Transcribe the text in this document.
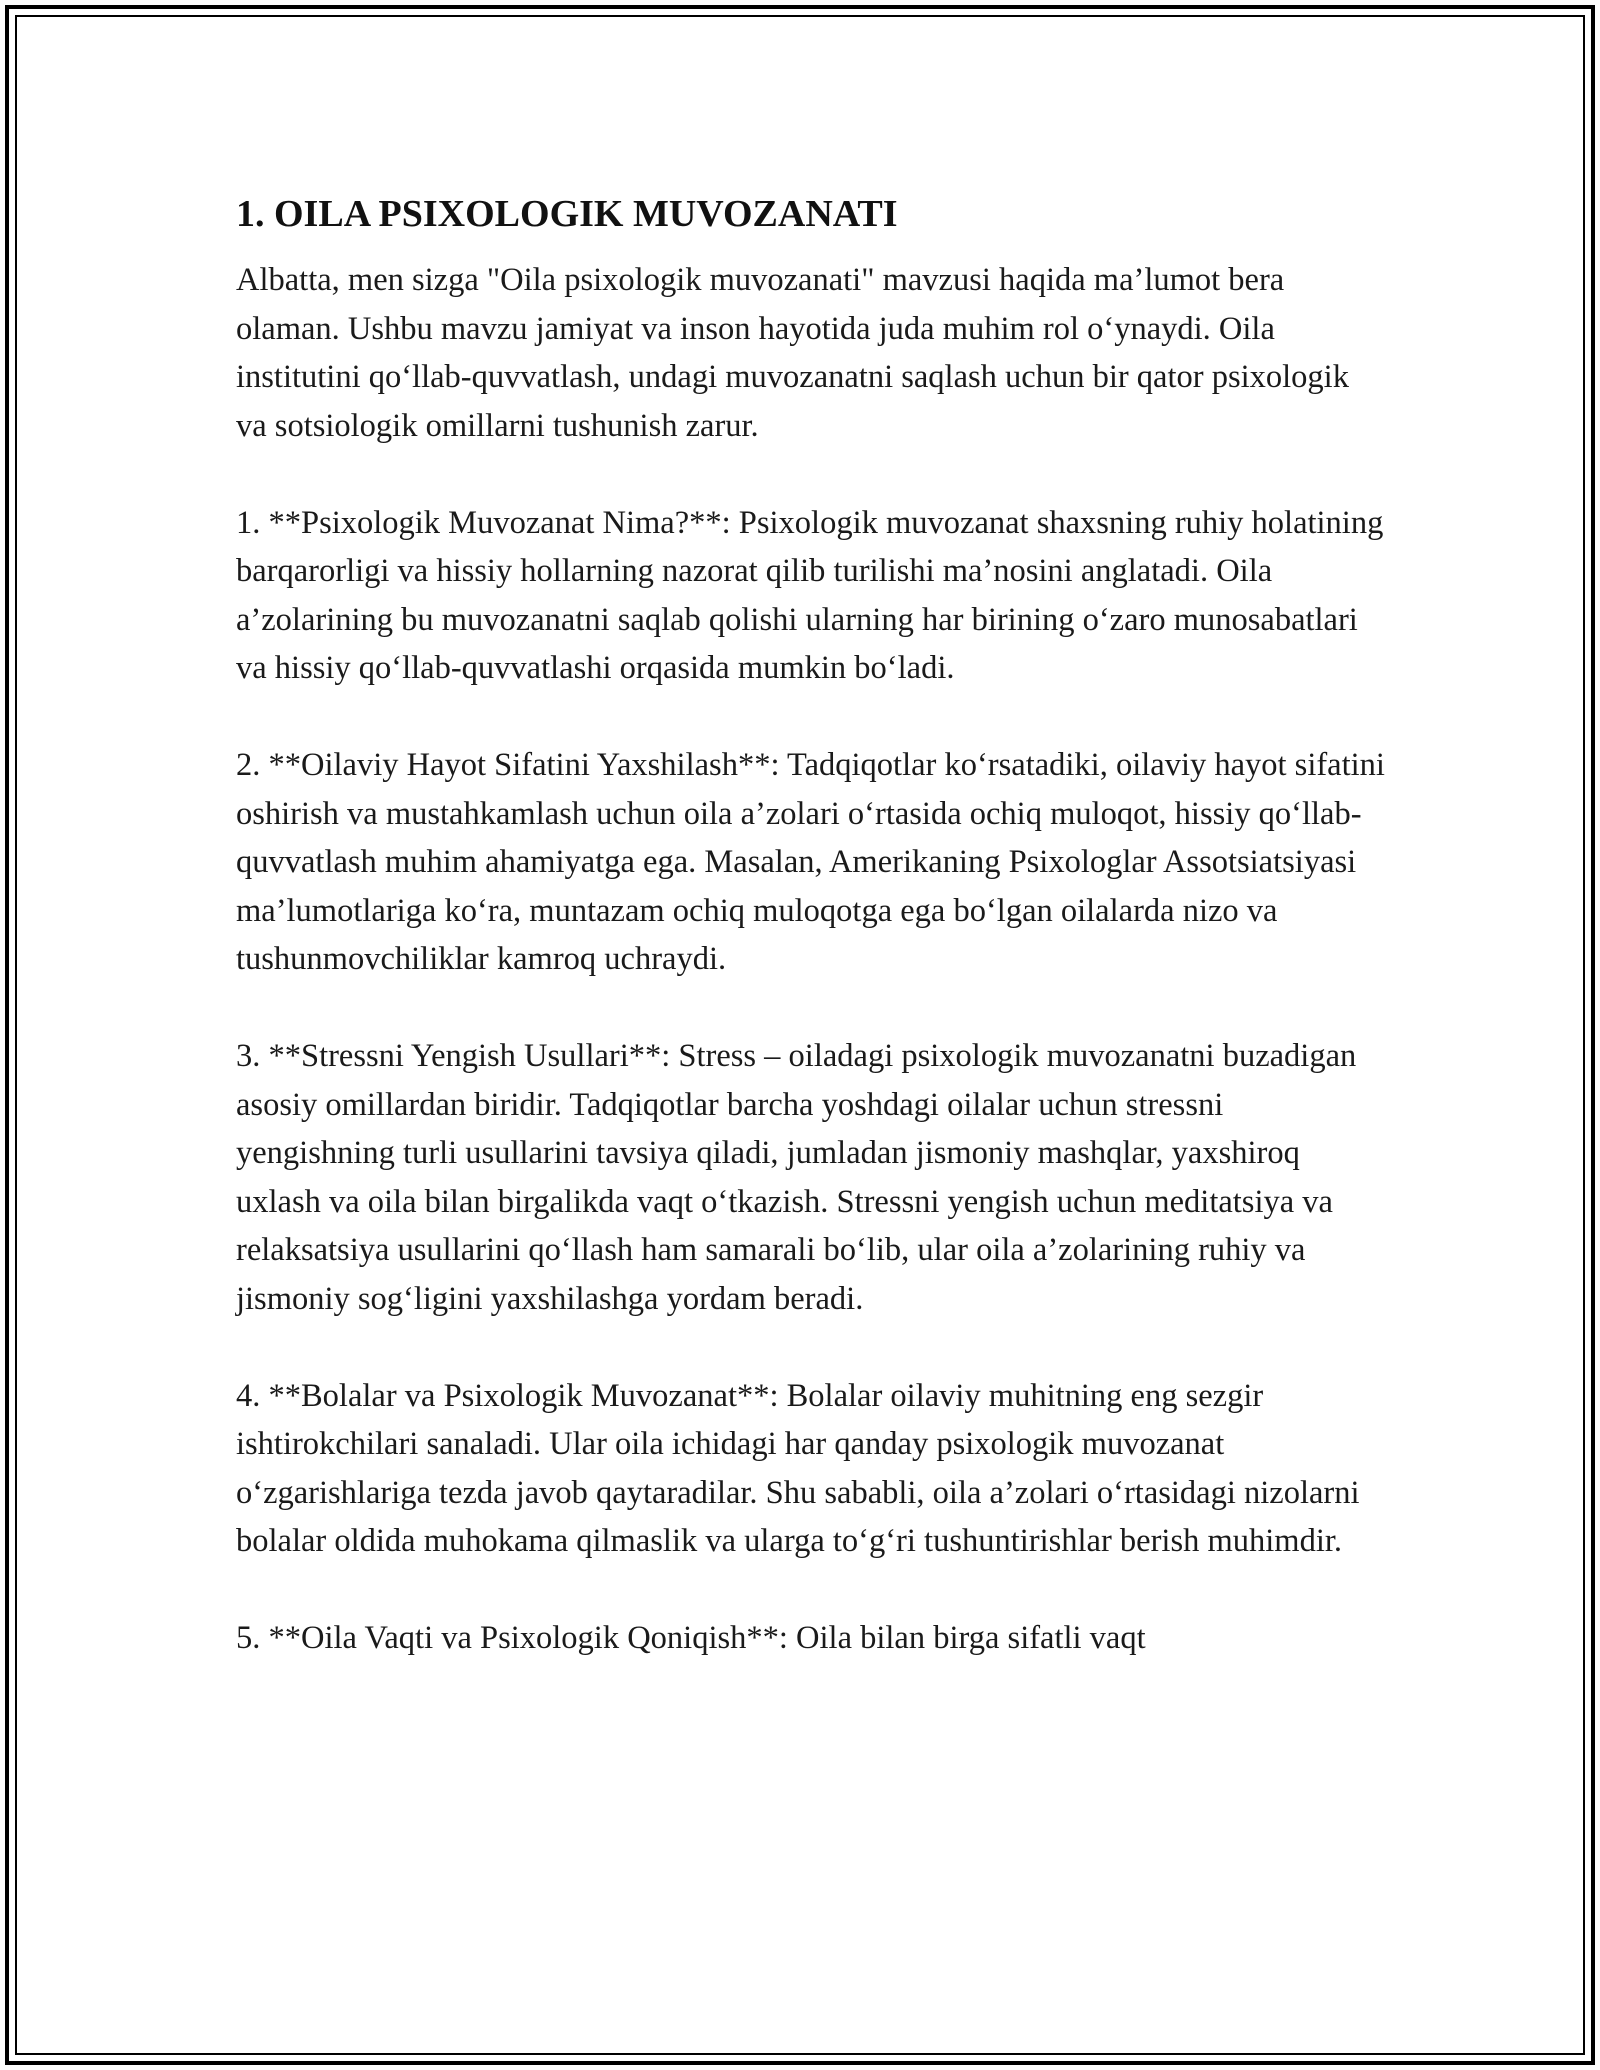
1. OILA PSIXOLOGIK MUVOZANATI

Albatta, men sizga "Oila psixologik muvozanati" mavzusi haqida ma’lumot bera olaman. Ushbu mavzu jamiyat va inson hayotida juda muhim rol o‘ynaydi. Oila institutini qo‘llab-quvvatlash, undagi muvozanatni saqlash uchun bir qator psixologik va sotsiologik omillarni tushunish zarur.

1. **Psixologik Muvozanat Nima?**: Psixologik muvozanat shaxsning ruhiy holatining barqarorligi va hissiy hollarning nazorat qilib turilishi ma’nosini anglatadi. Oila a’zolarining bu muvozanatni saqlab qolishi ularning har birining o‘zaro munosabatlari va hissiy qo‘llab-quvvatlashi orqasida mumkin bo‘ladi.

2. **Oilaviy Hayot Sifatini Yaxshilash**: Tadqiqotlar ko‘rsatadiki, oilaviy hayot sifatini oshirish va mustahkamlash uchun oila a’zolari o‘rtasida ochiq muloqot, hissiy qo‘llab-quvvatlash muhim ahamiyatga ega. Masalan, Amerikaning Psixologlar Assotsiatsiyasi ma’lumotlariga ko‘ra, muntazam ochiq muloqotga ega bo‘lgan oilalarda nizo va tushunmovchiliklar kamroq uchraydi.

3. **Stressni Yengish Usullari**: Stress – oiladagi psixologik muvozanatni buzadigan asosiy omillardan biridir. Tadqiqotlar barcha yoshdagi oilalar uchun stressni yengishning turli usullarini tavsiya qiladi, jumladan jismoniy mashqlar, yaxshiroq uxlash va oila bilan birgalikda vaqt o‘tkazish. Stressni yengish uchun meditatsiya va relaksatsiya usullarini qo‘llash ham samarali bo‘lib, ular oila a’zolarining ruhiy va jismoniy sog‘ligini yaxshilashga yordam beradi.

4. **Bolalar va Psixologik Muvozanat**: Bolalar oilaviy muhitning eng sezgir ishtirokchilari sanaladi. Ular oila ichidagi har qanday psixologik muvozanat o‘zgarishlariga tezda javob qaytaradilar. Shu sababli, oila a’zolari o‘rtasidagi nizolarni bolalar oldida muhokama qilmaslik va ularga to‘g‘ri tushuntirishlar berish muhimdir.

5. **Oila Vaqti va Psixologik Qoniqish**: Oila bilan birga sifatli vaqt
